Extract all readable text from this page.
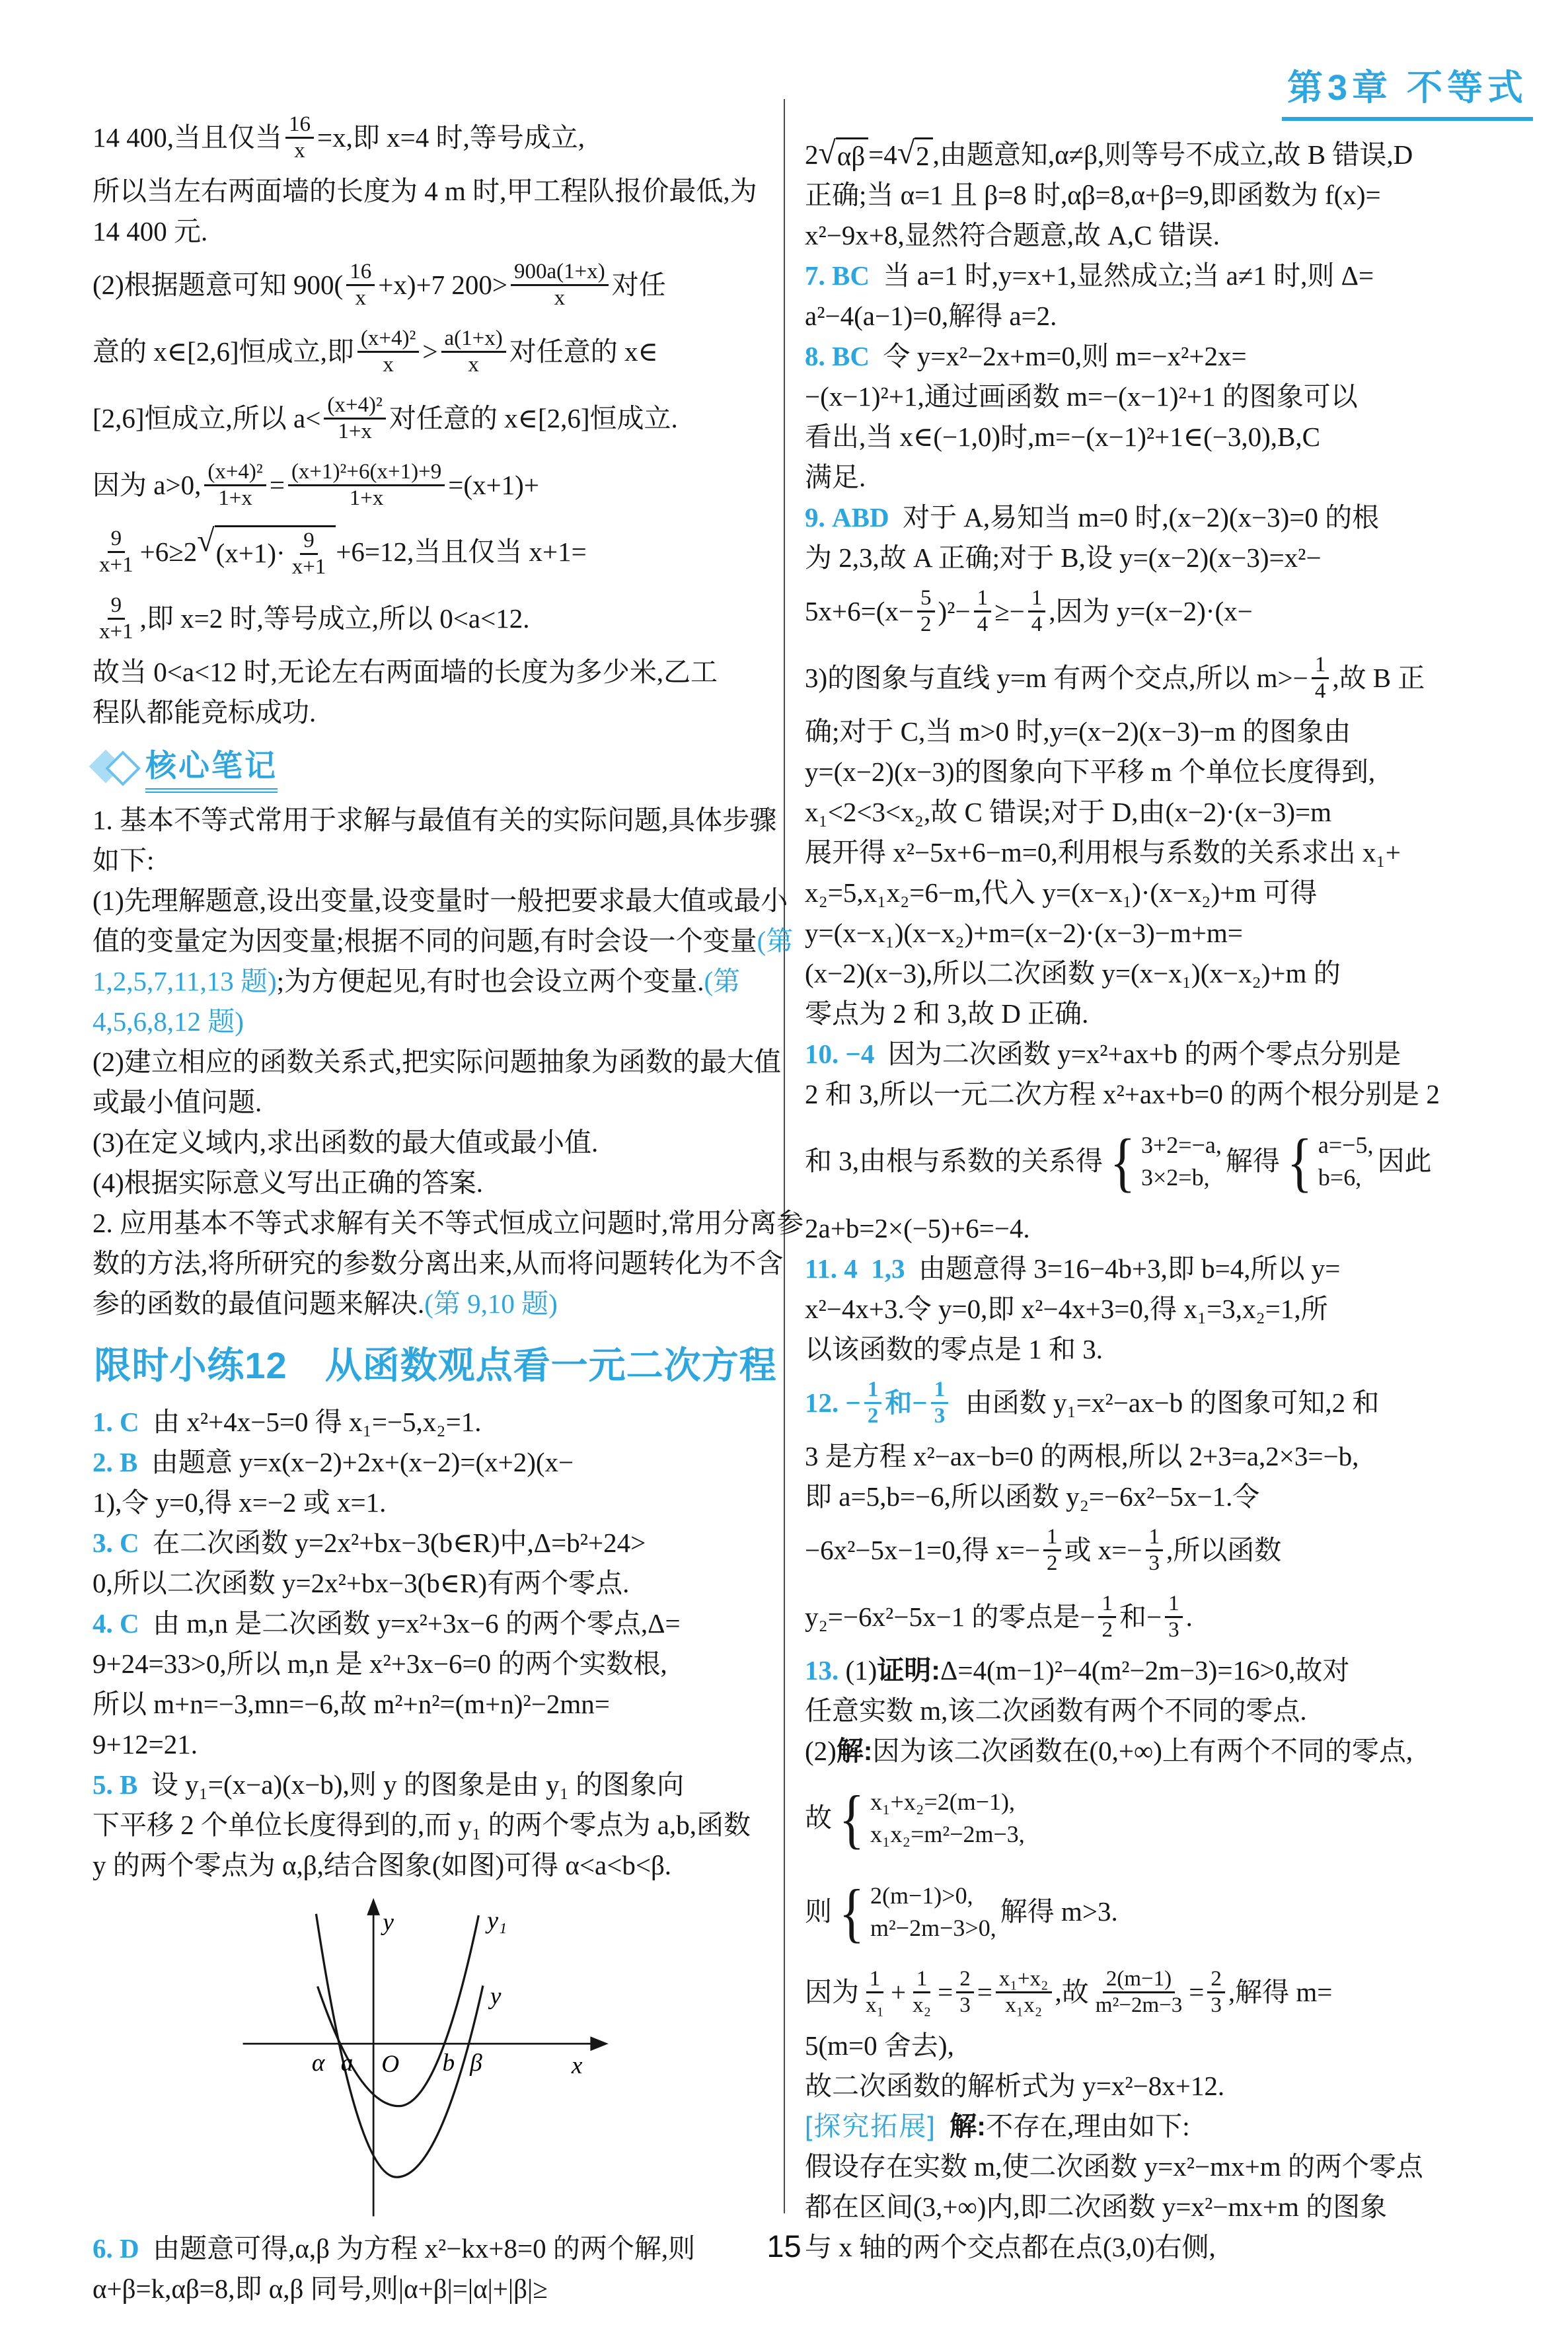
第3章 不等式
2 √ αβ =4 √ 2 ,由题意知,α≠β,则等号不成立,故 B 错误,D
正确;当 α=1 且 β=8 时,αβ=8,α+β=9,即函数为 f(x)=
x²−9x+8,显然符合题意,故 A,C 错误.
7. BC 当 a=1 时,y=x+1,显然成立;当 a≠1 时,则 Δ=
a²−4(a−1)=0,解得 a=2.
8. BC 令 y=x²−2x+m=0,则 m=−x²+2x=
−(x−1)²+1,通过画函数 m=−(x−1)²+1 的图象可以
看出,当 x∈(−1,0)时,m=−(x−1)²+1∈(−3,0),B,C
满足.
9. ABD 对于 A,易知当 m=0 时,(x−2)(x−3)=0 的根
为 2,3,故 A 正确;对于 B,设 y=(x−2)(x−3)=x²−
$5x+6=(x- \frac{5}{2} )^2- \frac{1}{4} \ge- \frac{1}{4}$ ,因为 y=(x−2)·(x−
3)的图象与直线 y=m 有两个交点,所以 $m>- \frac{1}{4}$ ,故 B 正
确;对于 C,当 m>0 时,y=(x−2)(x−3)−m 的图象由
y=(x−2)(x−3)的图象向下平移 m 个单位长度得到,
x₁<2<3<x₂,故 C 错误;对于 D,由(x−2)·(x−3)=m
展开得 x²−5x+6−m=0,利用根与系数的关系求出 x₁+
x₂=5,x₁x₂=6−m,代入 y=(x−x₁)·(x−x₂)+m 可得
y=(x−x₁)(x−x₂)+m=(x−2)·(x−3)−m+m=
(x−2)(x−3),所以二次函数 y=(x−x₁)(x−x₂)+m 的
零点为 2 和 3,故 D 正确.
10. −4 因为二次函数 y=x²+ax+b 的两个零点分别是
2 和 3,所以一元二次方程 x²+ax+b=0 的两个根分别是 2
和 3,由根与系数的关系得 { 3+2=−a,
3×2=b,
解得 { a=−5,
b=6,
因此
2a+b=2×(−5)+6=−4.
11. 4  1,3 由题意得 3=16−4b+3,即 b=4,所以 y=
x²−4x+3.令 y=0,即 x²−4x+3=0,得 x₁=3,x₂=1,所
以该函数的零点是 1 和 3.
12. − $\frac{1}{2}$ 和− $\frac{1}{3}$ 由函数 y₁=x²−ax−b 的图象可知,2 和
3 是方程 x²−ax−b=0 的两根,所以 2+3=a,2×3=−b,
即 a=5,b=−6,所以函数 y₂=−6x²−5x−1.令
−6x²−5x−1=0,得 $x=- \frac{1}{2}$ 或 $x=- \frac{1}{3}$ ,所以函数
y₂=−6x²−5x−1 的零点是− $\frac{1}{2}$ 和− $\frac{1}{3}$ .
13. (1) 证明: Δ=4(m−1)²−4(m²−2m−3)=16>0,故对
任意实数 m,该二次函数有两个不同的零点.
(2) 解: 因为该二次函数在(0,+∞)上有两个不同的零点,
故 { x₁+x₂=2(m−1),
x₁x₂=m²−2m−3,
则 { 2(m−1)>0,
m²−2m−3>0,
解得 m>3.
因为 $\frac{1}{\text{x₁}} + \frac{1}{\text{x₂}} = \frac{2}{3} = \frac{\text{x₁+x₂}}{\text{x₁x₂}}$ ,故 $\frac{2(m-1)}{\text{m²−2m−3}} = \frac{2}{3}$ ,解得 m=
5(m=0 舍去),
故二次函数的解析式为 y=x²−8x+12.
[探究拓展]
解: 不存在,理由如下:
假设存在实数 m,使二次函数 y=x²−mx+m 的两个零点
都在区间(3,+∞)内,即二次函数 y=x²−mx+m 的图象
与 x 轴的两个交点都在点(3,0)右侧,
14 400,当且仅当 $\frac{16}{x} =x$,即 x=4 时,等号成立,
所以当左右两面墙的长度为 4 m 时,甲工程队报价最低,为
14 400 元.
(2)根据题意可知 $900( \frac{16}{x} +x)+7$ $200> \frac{900a(1+x)}{x}$ 对任
意的 x∈[2,6]恒成立,即 $\frac{\text{(x+4)²}}{x} > \frac{a(1+x)}{x}$ 对任意的 x∈
[2,6]恒成立,所以 $a< \frac{\text{(x+4)²}}{1+x}$ 对任意的 x∈[2,6]恒成立.
因为 a>0, $\frac{\text{(x+4)²}}{1+x} = \frac{\text{(x+1)²+6(x+1)+9}}{1+x} =(x+1)+$
$\frac{9}{x+1} +6\ge 2$ √ $(x+1)\cdot \frac{9}{x+1} +6=12$,当且仅当 x+1=
$\frac{9}{x+1}$ ,即 x=2 时,等号成立,所以 0<a<12.
故当 0<a<12 时,无论左右两面墙的长度为多少米,乙工
程队都能竞标成功.
核心笔记
1. 基本不等式常用于求解与最值有关的实际问题,具体步骤
如下:
(1)先理解题意,设出变量,设变量时一般把要求最大值或最小
值的变量定为因变量;根据不同的问题,有时会设一个变量 (第
1,2,5,7,11,13 题) ;为方便起见,有时也会设立两个变量. (第
4,5,6,8,12 题)
(2)建立相应的函数关系式,把实际问题抽象为函数的最大值
或最小值问题.
(3)在定义域内,求出函数的最大值或最小值.
(4)根据实际意义写出正确的答案.
2. 应用基本不等式求解有关不等式恒成立问题时,常用分离参
数的方法,将所研究的参数分离出来,从而将问题转化为不含
参的函数的最值问题来解决. (第 9,10 题)
限时小练12　从函数观点看一元二次方程
1. C 由 x²+4x−5=0 得 x₁=−5,x₂=1.
2. B 由题意 y=x(x−2)+2x+(x−2)=(x+2)(x−
1),令 y=0,得 x=−2 或 x=1.
3. C 在二次函数 y=2x²+bx−3(b∈R)中,Δ=b²+24>
0,所以二次函数 y=2x²+bx−3(b∈R)有两个零点.
4. C 由 m,n 是二次函数 y=x²+3x−6 的两个零点,Δ=
9+24=33>0,所以 m,n 是 x²+3x−6=0 的两个实数根,
所以 m+n=−3,mn=−6,故 m²+n²=(m+n)²−2mn=
9+12=21.
5. B 设 y₁=(x−a)(x−b),则 y 的图象是由 y₁ 的图象向
下平移 2 个单位长度得到的,而 y₁ 的两个零点为 a,b,函数
y 的两个零点为 α,β,结合图象(如图)可得 α<a<b<β.
y
x
y₁
y
α a O b β
6. D 由题意可得,α,β 为方程 x²−kx+8=0 的两个解,则
α+β=k,αβ=8,即 α,β 同号,则|α+β|=|α|+|β|≥
15
